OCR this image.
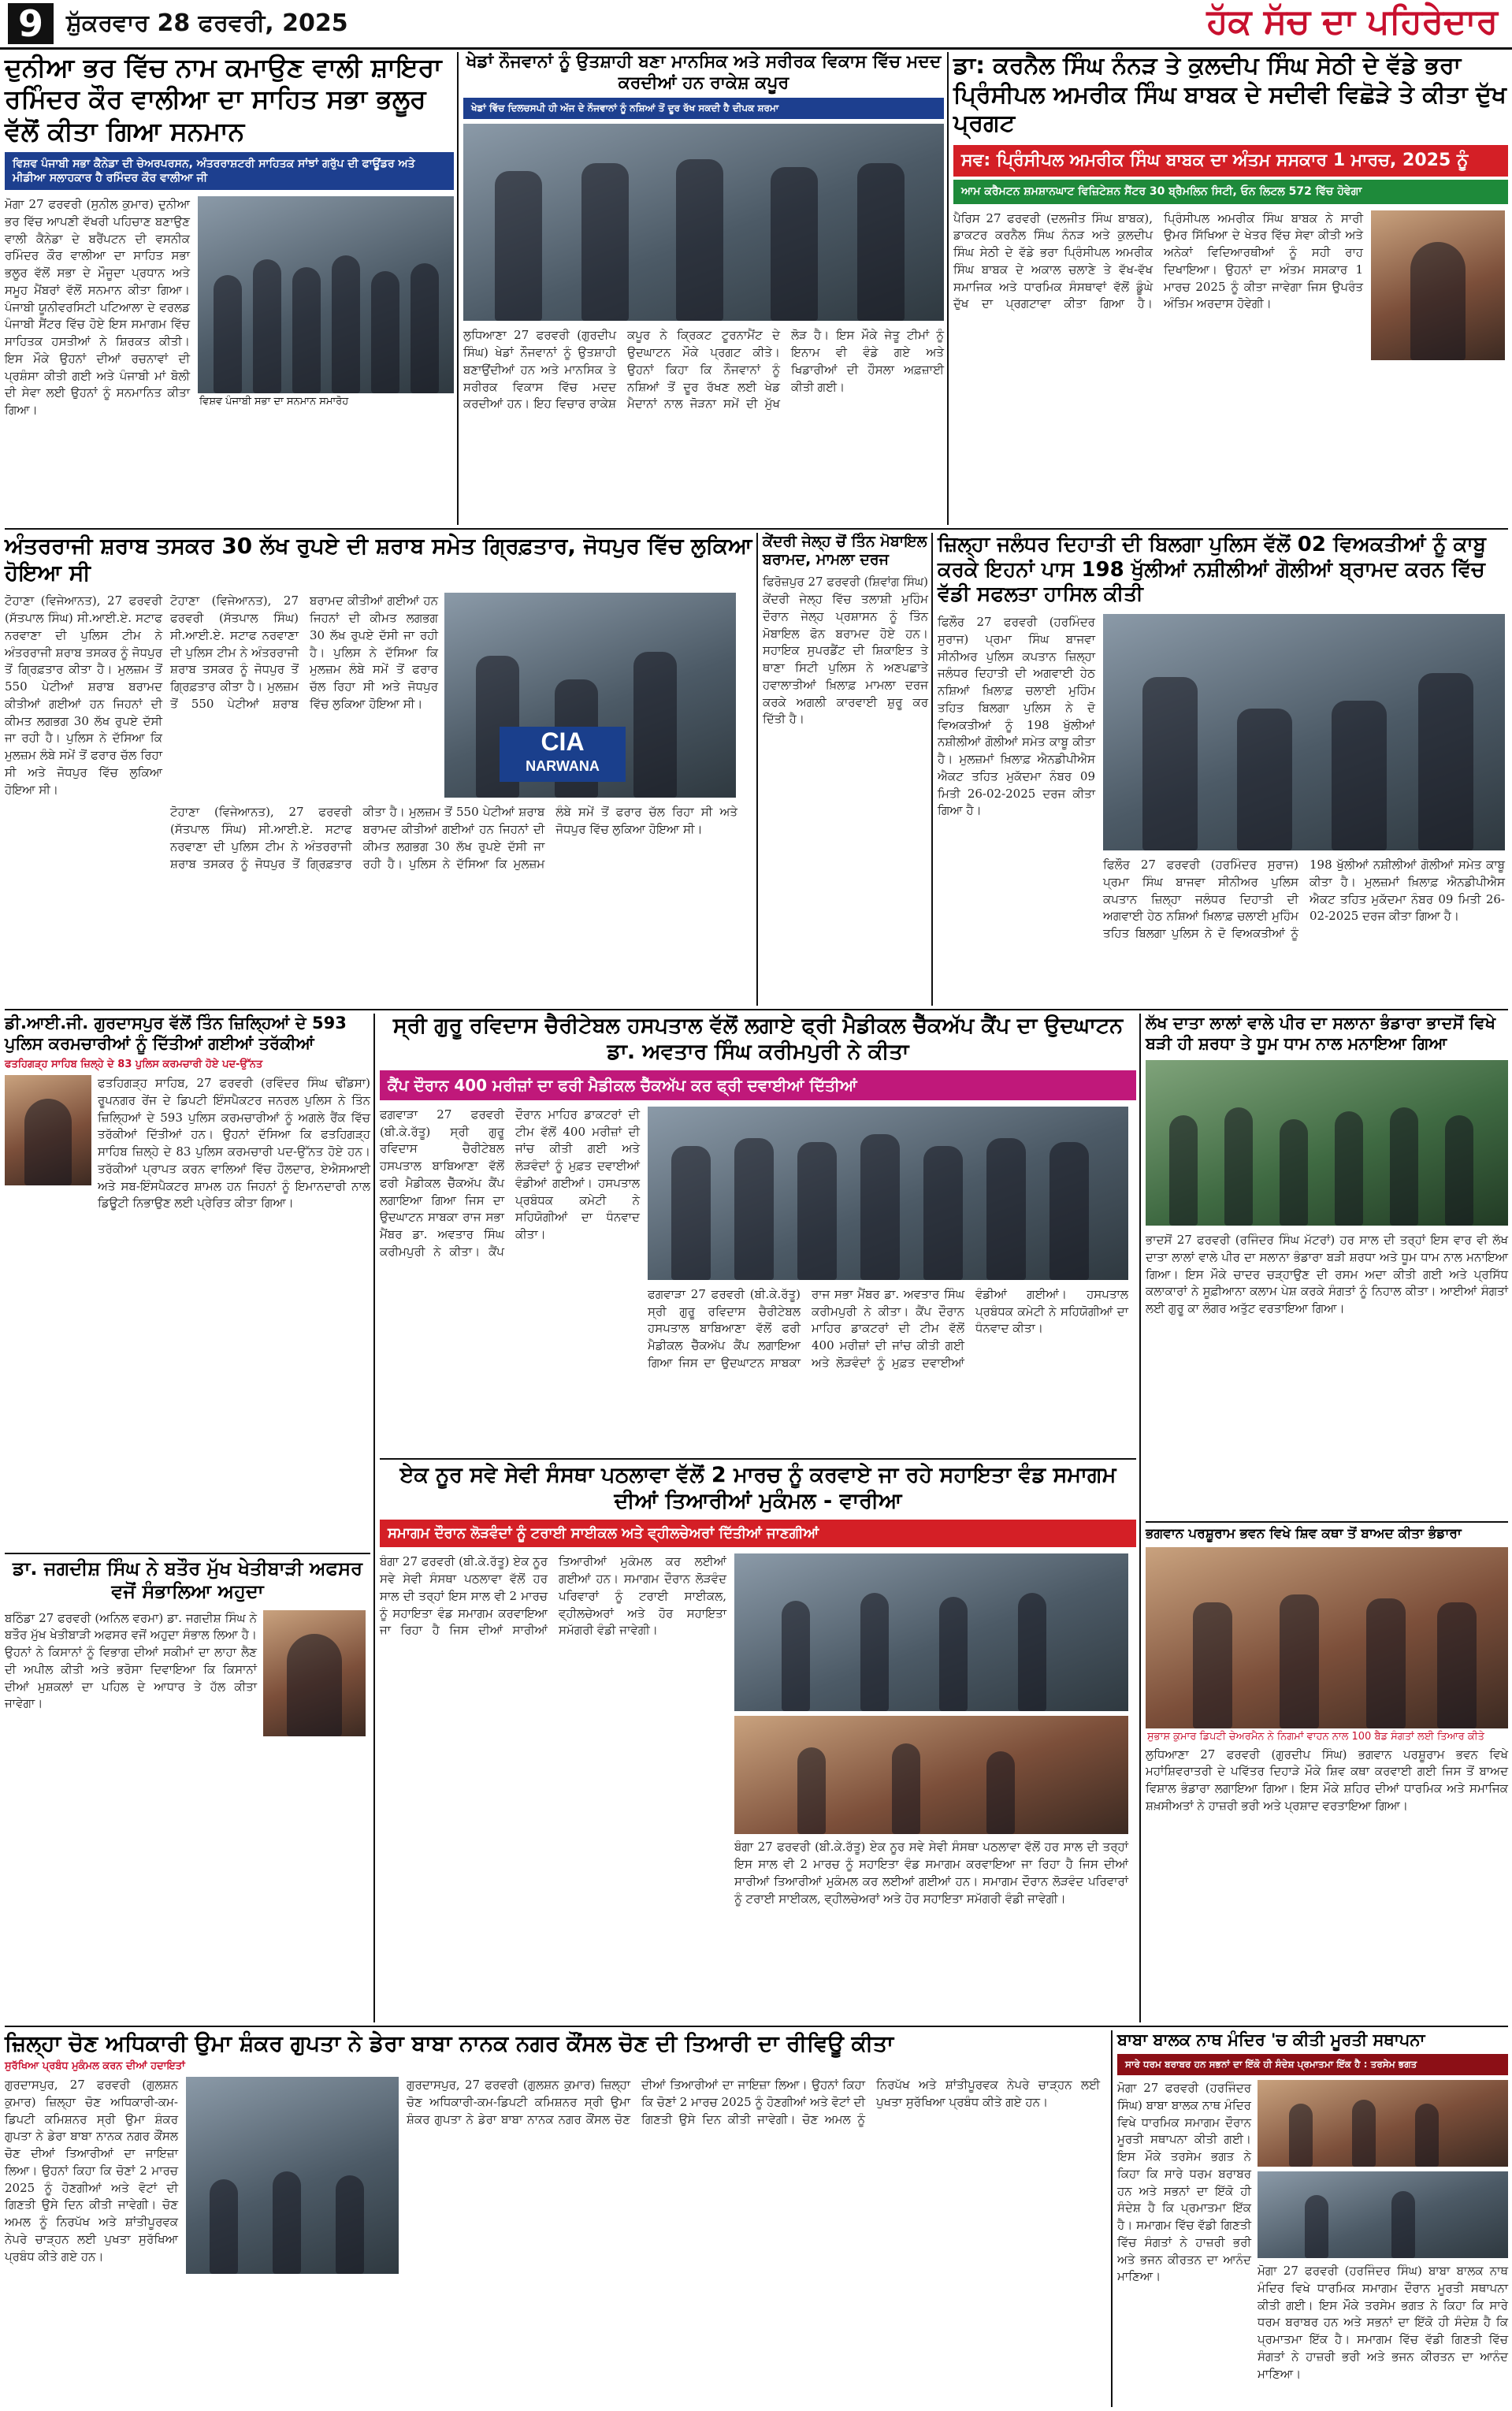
9 ਸ਼ੁੱਕਰਵਾਰ 28 ਫਰਵਰੀ, 2025	ਹੱਕ ਸੱਚ ਦਾ ਪਹਿਰੇਦਾਰ
ਦੁਨੀਆ ਭਰ ਵਿੱਚ ਨਾਮ ਕਮਾਉਣ ਵਾਲੀ ਸ਼ਾਇਰਾ ਰਮਿੰਦਰ ਕੌਰ ਵਾਲੀਆ ਦਾ ਸਾਹਿਤ ਸਭਾ ਭਲੂਰ ਵੱਲੋਂ ਕੀਤਾ ਗਿਆ ਸਨਮਾਨ
ਵਿਸ਼ਵ ਪੰਜਾਬੀ ਸਭਾ ਕੈਨੇਡਾ ਦੀ ਚੇਅਰਪਰਸਨ, ਅੰਤਰਰਾਸ਼ਟਰੀ ਸਾਹਿਤਕ ਸਾਂਝਾਂ ਗਰੁੱਪ ਦੀ ਫਾਊਂਡਰ ਅਤੇ ਮੀਡੀਆ ਸਲਾਹਕਾਰ ਹੈ ਰਮਿੰਦਰ ਕੌਰ ਵਾਲੀਆ ਜੀ
ਮੋਗਾ 27 ਫਰਵਰੀ (ਸੁਨੀਲ ਕੁਮਾਰ) ਦੁਨੀਆ ਭਰ ਵਿੱਚ ਆਪਣੀ ਵੱਖਰੀ ਪਹਿਚਾਣ ਬਣਾਉਣ ਵਾਲੀ ਕੈਨੇਡਾ ਦੇ ਬਰੈਂਪਟਨ ਦੀ ਵਸਨੀਕ ਰਮਿੰਦਰ ਕੌਰ ਵਾਲੀਆ ਦਾ ਸਾਹਿਤ ਸਭਾ ਭਲੂਰ ਵੱਲੋਂ ਸਭਾ ਦੇ ਮੌਜੂਦਾ ਪ੍ਰਧਾਨ ਅਤੇ ਸਮੂਹ ਮੈਂਬਰਾਂ ਵੱਲੋਂ ਸਨਮਾਨ ਕੀਤਾ ਗਿਆ। ਪੰਜਾਬੀ ਯੂਨੀਵਰਸਿਟੀ ਪਟਿਆਲਾ ਦੇ ਵਰਲਡ ਪੰਜਾਬੀ ਸੈਂਟਰ ਵਿੱਚ ਹੋਏ ਇਸ ਸਮਾਗਮ ਵਿੱਚ ਸਾਹਿਤਕ ਹਸਤੀਆਂ ਨੇ ਸ਼ਿਰਕਤ ਕੀਤੀ। ਇਸ ਮੌਕੇ ਉਹਨਾਂ ਦੀਆਂ ਰਚਨਾਵਾਂ ਦੀ ਪ੍ਰਸ਼ੰਸਾ ਕੀਤੀ ਗਈ ਅਤੇ ਪੰਜਾਬੀ ਮਾਂ ਬੋਲੀ ਦੀ ਸੇਵਾ ਲਈ ਉਹਨਾਂ ਨੂੰ ਸਨਮਾਨਿਤ ਕੀਤਾ ਗਿਆ।
ਵਿਸ਼ਵ ਪੰਜਾਬੀ ਸਭਾ ਦਾ ਸਨਮਾਨ ਸਮਾਰੋਹ
ਖੇਡਾਂ ਨੌਜਵਾਨਾਂ ਨੂੰ ਉਤਸ਼ਾਹੀ ਬਣਾ ਮਾਨਸਿਕ ਅਤੇ ਸਰੀਰਕ ਵਿਕਾਸ ਵਿੱਚ ਮਦਦ ਕਰਦੀਆਂ ਹਨ ਰਾਕੇਸ਼ ਕਪੂਰ
ਖੇਡਾਂ ਵਿੱਚ ਦਿਲਚਸਪੀ ਹੀ ਅੱਜ ਦੇ ਨੌਜਵਾਨਾਂ ਨੂੰ ਨਸ਼ਿਆਂ ਤੋਂ ਦੂਰ ਰੱਖ ਸਕਦੀ ਹੈ ਦੀਪਕ ਸ਼ਰਮਾ
ਲੁਧਿਆਣਾ 27 ਫਰਵਰੀ (ਗੁਰਦੀਪ ਸਿੰਘ) ਖੇਡਾਂ ਨੌਜਵਾਨਾਂ ਨੂੰ ਉਤਸ਼ਾਹੀ ਬਣਾਉਂਦੀਆਂ ਹਨ ਅਤੇ ਮਾਨਸਿਕ ਤੇ ਸਰੀਰਕ ਵਿਕਾਸ ਵਿੱਚ ਮਦਦ ਕਰਦੀਆਂ ਹਨ। ਇਹ ਵਿਚਾਰ ਰਾਕੇਸ਼ ਕਪੂਰ ਨੇ ਕ੍ਰਿਕਟ ਟੂਰਨਾਮੈਂਟ ਦੇ ਉਦਘਾਟਨ ਮੌਕੇ ਪ੍ਰਗਟ ਕੀਤੇ। ਉਹਨਾਂ ਕਿਹਾ ਕਿ ਨੌਜਵਾਨਾਂ ਨੂੰ ਨਸ਼ਿਆਂ ਤੋਂ ਦੂਰ ਰੱਖਣ ਲਈ ਖੇਡ ਮੈਦਾਨਾਂ ਨਾਲ ਜੋੜਨਾ ਸਮੇਂ ਦੀ ਮੁੱਖ ਲੋੜ ਹੈ। ਇਸ ਮੌਕੇ ਜੇਤੂ ਟੀਮਾਂ ਨੂੰ ਇਨਾਮ ਵੀ ਵੰਡੇ ਗਏ ਅਤੇ ਖਿਡਾਰੀਆਂ ਦੀ ਹੌਸਲਾ ਅਫ਼ਜ਼ਾਈ ਕੀਤੀ ਗਈ।
ਡਾ: ਕਰਨੈਲ ਸਿੰਘ ਨੰਨੜ ਤੇ ਕੁਲਦੀਪ ਸਿੰਘ ਸੇਠੀ ਦੇ ਵੱਡੇ ਭਰਾ ਪ੍ਰਿੰਸੀਪਲ ਅਮਰੀਕ ਸਿੰਘ ਬਾਬਕ ਦੇ ਸਦੀਵੀ ਵਿਛੋੜੇ ਤੇ ਕੀਤਾ ਦੁੱਖ ਪ੍ਰਗਟ
ਸਵ: ਪ੍ਰਿੰਸੀਪਲ ਅਮਰੀਕ ਸਿੰਘ ਬਾਬਕ ਦਾ ਅੰਤਮ ਸਸਕਾਰ 1 ਮਾਰਚ, 2025 ਨੂੰ
ਆਮ ਕਰੈਮਟਨ ਸ਼ਮਸ਼ਾਨਘਾਟ ਵਿਜ਼ਿਟੇਸ਼ਨ ਸੈਂਟਰ 30 ਬ੍ਰੈਮਲਿਨ ਸਿਟੀ, ਓਨ ਲਿਟਲ 572 ਵਿੱਚ ਹੋਵੇਗਾ
ਪੈਰਿਸ 27 ਫਰਵਰੀ (ਦਲਜੀਤ ਸਿੰਘ ਬਾਬਕ), ਡਾਕਟਰ ਕਰਨੈਲ ਸਿੰਘ ਨੰਨੜ ਅਤੇ ਕੁਲਦੀਪ ਸਿੰਘ ਸੇਠੀ ਦੇ ਵੱਡੇ ਭਰਾ ਪ੍ਰਿੰਸੀਪਲ ਅਮਰੀਕ ਸਿੰਘ ਬਾਬਕ ਦੇ ਅਕਾਲ ਚਲਾਣੇ ਤੇ ਵੱਖ-ਵੱਖ ਸਮਾਜਿਕ ਅਤੇ ਧਾਰਮਿਕ ਸੰਸਥਾਵਾਂ ਵੱਲੋਂ ਡੂੰਘੇ ਦੁੱਖ ਦਾ ਪ੍ਰਗਟਾਵਾ ਕੀਤਾ ਗਿਆ ਹੈ। ਪ੍ਰਿੰਸੀਪਲ ਅਮਰੀਕ ਸਿੰਘ ਬਾਬਕ ਨੇ ਸਾਰੀ ਉਮਰ ਸਿੱਖਿਆ ਦੇ ਖੇਤਰ ਵਿੱਚ ਸੇਵਾ ਕੀਤੀ ਅਤੇ ਅਨੇਕਾਂ ਵਿਦਿਆਰਥੀਆਂ ਨੂੰ ਸਹੀ ਰਾਹ ਦਿਖਾਇਆ। ਉਹਨਾਂ ਦਾ ਅੰਤਮ ਸਸਕਾਰ 1 ਮਾਰਚ 2025 ਨੂੰ ਕੀਤਾ ਜਾਵੇਗਾ ਜਿਸ ਉਪਰੰਤ ਅੰਤਿਮ ਅਰਦਾਸ ਹੋਵੇਗੀ।
ਅੰਤਰਰਾਜੀ ਸ਼ਰਾਬ ਤਸਕਰ 30 ਲੱਖ ਰੁਪਏ ਦੀ ਸ਼ਰਾਬ ਸਮੇਤ ਗ੍ਰਿਫ਼ਤਾਰ, ਜੋਧਪੁਰ ਵਿੱਚ ਲੁਕਿਆ ਹੋਇਆ ਸੀ
ਟੋਹਾਣਾ (ਵਿਜੇਆਨਤ), 27 ਫਰਵਰੀ (ਸੱਤਪਾਲ ਸਿੰਘ) ਸੀ.ਆਈ.ਏ. ਸਟਾਫ ਨਰਵਾਣਾ ਦੀ ਪੁਲਿਸ ਟੀਮ ਨੇ ਅੰਤਰਰਾਜੀ ਸ਼ਰਾਬ ਤਸਕਰ ਨੂੰ ਜੋਧਪੁਰ ਤੋਂ ਗ੍ਰਿਫ਼ਤਾਰ ਕੀਤਾ ਹੈ। ਮੁਲਜ਼ਮ ਤੋਂ 550 ਪੇਟੀਆਂ ਸ਼ਰਾਬ ਬਰਾਮਦ ਕੀਤੀਆਂ ਗਈਆਂ ਹਨ ਜਿਹਨਾਂ ਦੀ ਕੀਮਤ ਲਗਭਗ 30 ਲੱਖ ਰੁਪਏ ਦੱਸੀ ਜਾ ਰਹੀ ਹੈ। ਪੁਲਿਸ ਨੇ ਦੱਸਿਆ ਕਿ ਮੁਲਜ਼ਮ ਲੰਬੇ ਸਮੇਂ ਤੋਂ ਫਰਾਰ ਚੱਲ ਰਿਹਾ ਸੀ ਅਤੇ ਜੋਧਪੁਰ ਵਿੱਚ ਲੁਕਿਆ ਹੋਇਆ ਸੀ।
ਟੋਹਾਣਾ (ਵਿਜੇਆਨਤ), 27 ਫਰਵਰੀ (ਸੱਤਪਾਲ ਸਿੰਘ) ਸੀ.ਆਈ.ਏ. ਸਟਾਫ ਨਰਵਾਣਾ ਦੀ ਪੁਲਿਸ ਟੀਮ ਨੇ ਅੰਤਰਰਾਜੀ ਸ਼ਰਾਬ ਤਸਕਰ ਨੂੰ ਜੋਧਪੁਰ ਤੋਂ ਗ੍ਰਿਫ਼ਤਾਰ ਕੀਤਾ ਹੈ। ਮੁਲਜ਼ਮ ਤੋਂ 550 ਪੇਟੀਆਂ ਸ਼ਰਾਬ ਬਰਾਮਦ ਕੀਤੀਆਂ ਗਈਆਂ ਹਨ ਜਿਹਨਾਂ ਦੀ ਕੀਮਤ ਲਗਭਗ 30 ਲੱਖ ਰੁਪਏ ਦੱਸੀ ਜਾ ਰਹੀ ਹੈ। ਪੁਲਿਸ ਨੇ ਦੱਸਿਆ ਕਿ ਮੁਲਜ਼ਮ ਲੰਬੇ ਸਮੇਂ ਤੋਂ ਫਰਾਰ ਚੱਲ ਰਿਹਾ ਸੀ ਅਤੇ ਜੋਧਪੁਰ ਵਿੱਚ ਲੁਕਿਆ ਹੋਇਆ ਸੀ।
CIA
NARWANA
ਟੋਹਾਣਾ (ਵਿਜੇਆਨਤ), 27 ਫਰਵਰੀ (ਸੱਤਪਾਲ ਸਿੰਘ) ਸੀ.ਆਈ.ਏ. ਸਟਾਫ ਨਰਵਾਣਾ ਦੀ ਪੁਲਿਸ ਟੀਮ ਨੇ ਅੰਤਰਰਾਜੀ ਸ਼ਰਾਬ ਤਸਕਰ ਨੂੰ ਜੋਧਪੁਰ ਤੋਂ ਗ੍ਰਿਫ਼ਤਾਰ ਕੀਤਾ ਹੈ। ਮੁਲਜ਼ਮ ਤੋਂ 550 ਪੇਟੀਆਂ ਸ਼ਰਾਬ ਬਰਾਮਦ ਕੀਤੀਆਂ ਗਈਆਂ ਹਨ ਜਿਹਨਾਂ ਦੀ ਕੀਮਤ ਲਗਭਗ 30 ਲੱਖ ਰੁਪਏ ਦੱਸੀ ਜਾ ਰਹੀ ਹੈ। ਪੁਲਿਸ ਨੇ ਦੱਸਿਆ ਕਿ ਮੁਲਜ਼ਮ ਲੰਬੇ ਸਮੇਂ ਤੋਂ ਫਰਾਰ ਚੱਲ ਰਿਹਾ ਸੀ ਅਤੇ ਜੋਧਪੁਰ ਵਿੱਚ ਲੁਕਿਆ ਹੋਇਆ ਸੀ।
ਕੇਂਦਰੀ ਜੇਲ੍ਹ ਚੋਂ ਤਿੰਨ ਮੋਬਾਇਲ ਬਰਾਮਦ, ਮਾਮਲਾ ਦਰਜ
ਫਿਰੋਜ਼ਪੁਰ 27 ਫਰਵਰੀ (ਸ਼ਿਵਾਂਗ ਸਿੰਘ) ਕੇਂਦਰੀ ਜੇਲ੍ਹ ਵਿੱਚ ਤਲਾਸ਼ੀ ਮੁਹਿੰਮ ਦੌਰਾਨ ਜੇਲ੍ਹ ਪ੍ਰਸ਼ਾਸਨ ਨੂੰ ਤਿੰਨ ਮੋਬਾਇਲ ਫੋਨ ਬਰਾਮਦ ਹੋਏ ਹਨ। ਸਹਾਇਕ ਸੁਪਰਡੈਂਟ ਦੀ ਸ਼ਿਕਾਇਤ ਤੇ ਥਾਣਾ ਸਿਟੀ ਪੁਲਿਸ ਨੇ ਅਣਪਛਾਤੇ ਹਵਾਲਾਤੀਆਂ ਖ਼ਿਲਾਫ਼ ਮਾਮਲਾ ਦਰਜ ਕਰਕੇ ਅਗਲੀ ਕਾਰਵਾਈ ਸ਼ੁਰੂ ਕਰ ਦਿੱਤੀ ਹੈ।
ਜ਼ਿਲ੍ਹਾ ਜਲੰਧਰ ਦਿਹਾਤੀ ਦੀ ਬਿਲਗਾ ਪੁਲਿਸ ਵੱਲੋਂ 02 ਵਿਅਕਤੀਆਂ ਨੂੰ ਕਾਬੂ ਕਰਕੇ ਇਹਨਾਂ ਪਾਸ 198 ਖੁੱਲੀਆਂ ਨਸ਼ੀਲੀਆਂ ਗੋਲੀਆਂ ਬ੍ਰਾਮਦ ਕਰਨ ਵਿੱਚ ਵੱਡੀ ਸਫਲਤਾ ਹਾਸਿਲ ਕੀਤੀ
ਫਿਲੌਰ 27 ਫਰਵਰੀ (ਹਰਮਿੰਦਰ ਸੁਰਾਜ) ਪ੍ਰਮਾ ਸਿੰਘ ਬਾਜਵਾ ਸੀਨੀਅਰ ਪੁਲਿਸ ਕਪਤਾਨ ਜ਼ਿਲ੍ਹਾ ਜਲੰਧਰ ਦਿਹਾਤੀ ਦੀ ਅਗਵਾਈ ਹੇਠ ਨਸ਼ਿਆਂ ਖ਼ਿਲਾਫ਼ ਚਲਾਈ ਮੁਹਿੰਮ ਤਹਿਤ ਬਿਲਗਾ ਪੁਲਿਸ ਨੇ ਦੋ ਵਿਅਕਤੀਆਂ ਨੂੰ 198 ਖੁੱਲੀਆਂ ਨਸ਼ੀਲੀਆਂ ਗੋਲੀਆਂ ਸਮੇਤ ਕਾਬੂ ਕੀਤਾ ਹੈ। ਮੁਲਜ਼ਮਾਂ ਖ਼ਿਲਾਫ਼ ਐਨਡੀਪੀਐਸ ਐਕਟ ਤਹਿਤ ਮੁਕੱਦਮਾ ਨੰਬਰ 09 ਮਿਤੀ 26-02-2025 ਦਰਜ ਕੀਤਾ ਗਿਆ ਹੈ।
ਫਿਲੌਰ 27 ਫਰਵਰੀ (ਹਰਮਿੰਦਰ ਸੁਰਾਜ) ਪ੍ਰਮਾ ਸਿੰਘ ਬਾਜਵਾ ਸੀਨੀਅਰ ਪੁਲਿਸ ਕਪਤਾਨ ਜ਼ਿਲ੍ਹਾ ਜਲੰਧਰ ਦਿਹਾਤੀ ਦੀ ਅਗਵਾਈ ਹੇਠ ਨਸ਼ਿਆਂ ਖ਼ਿਲਾਫ਼ ਚਲਾਈ ਮੁਹਿੰਮ ਤਹਿਤ ਬਿਲਗਾ ਪੁਲਿਸ ਨੇ ਦੋ ਵਿਅਕਤੀਆਂ ਨੂੰ 198 ਖੁੱਲੀਆਂ ਨਸ਼ੀਲੀਆਂ ਗੋਲੀਆਂ ਸਮੇਤ ਕਾਬੂ ਕੀਤਾ ਹੈ। ਮੁਲਜ਼ਮਾਂ ਖ਼ਿਲਾਫ਼ ਐਨਡੀਪੀਐਸ ਐਕਟ ਤਹਿਤ ਮੁਕੱਦਮਾ ਨੰਬਰ 09 ਮਿਤੀ 26-02-2025 ਦਰਜ ਕੀਤਾ ਗਿਆ ਹੈ।
ਡੀ.ਆਈ.ਜੀ. ਗੁਰਦਾਸਪੁਰ ਵੱਲੋਂ ਤਿੰਨ ਜ਼ਿਲ੍ਹਿਆਂ ਦੇ 593 ਪੁਲਿਸ ਕਰਮਚਾਰੀਆਂ ਨੂੰ ਦਿੱਤੀਆਂ ਗਈਆਂ ਤਰੱਕੀਆਂ
ਫਤਹਿਗੜ੍ਹ ਸਾਹਿਬ ਜ਼ਿਲ੍ਹੇ ਦੇ 83 ਪੁਲਿਸ ਕਰਮਚਾਰੀ ਹੋਏ ਪਦ-ਉੱਨਤ
ਫਤਹਿਗੜ੍ਹ ਸਾਹਿਬ, 27 ਫਰਵਰੀ (ਰਵਿੰਦਰ ਸਿੰਘ ਢੀਂਡਸਾ) ਰੂਪਨਗਰ ਰੇਂਜ ਦੇ ਡਿਪਟੀ ਇੰਸਪੈਕਟਰ ਜਨਰਲ ਪੁਲਿਸ ਨੇ ਤਿੰਨ ਜ਼ਿਲ੍ਹਿਆਂ ਦੇ 593 ਪੁਲਿਸ ਕਰਮਚਾਰੀਆਂ ਨੂੰ ਅਗਲੇ ਰੈਂਕ ਵਿੱਚ ਤਰੱਕੀਆਂ ਦਿੱਤੀਆਂ ਹਨ। ਉਹਨਾਂ ਦੱਸਿਆ ਕਿ ਫਤਹਿਗੜ੍ਹ ਸਾਹਿਬ ਜ਼ਿਲ੍ਹੇ ਦੇ 83 ਪੁਲਿਸ ਕਰਮਚਾਰੀ ਪਦ-ਉੱਨਤ ਹੋਏ ਹਨ। ਤਰੱਕੀਆਂ ਪ੍ਰਾਪਤ ਕਰਨ ਵਾਲਿਆਂ ਵਿੱਚ ਹੌਲਦਾਰ, ਏਐਸਆਈ ਅਤੇ ਸਬ-ਇੰਸਪੈਕਟਰ ਸ਼ਾਮਲ ਹਨ ਜਿਹਨਾਂ ਨੂੰ ਇਮਾਨਦਾਰੀ ਨਾਲ ਡਿਊਟੀ ਨਿਭਾਉਣ ਲਈ ਪ੍ਰੇਰਿਤ ਕੀਤਾ ਗਿਆ।
ਸ੍ਰੀ ਗੁਰੂ ਰਵਿਦਾਸ ਚੈਰੀਟੇਬਲ ਹਸਪਤਾਲ ਵੱਲੋਂ ਲਗਾਏ ਫ੍ਰੀ ਮੈਡੀਕਲ ਚੈੱਕਅੱਪ ਕੈਂਪ ਦਾ ਉਦਘਾਟਨ ਡਾ. ਅਵਤਾਰ ਸਿੰਘ ਕਰੀਮਪੁਰੀ ਨੇ ਕੀਤਾ
ਕੈਂਪ ਦੌਰਾਨ 400 ਮਰੀਜ਼ਾਂ ਦਾ ਫਰੀ ਮੈਡੀਕਲ ਚੈੱਕਅੱਪ ਕਰ ਫ੍ਰੀ ਦਵਾਈਆਂ ਦਿੱਤੀਆਂ
ਫਗਵਾੜਾ 27 ਫਰਵਰੀ (ਬੀ.ਕੇ.ਰੱਤੂ) ਸ੍ਰੀ ਗੁਰੂ ਰਵਿਦਾਸ ਚੈਰੀਟੇਬਲ ਹਸਪਤਾਲ ਬਾਬਿਆਣਾ ਵੱਲੋਂ ਫਰੀ ਮੈਡੀਕਲ ਚੈੱਕਅੱਪ ਕੈਂਪ ਲਗਾਇਆ ਗਿਆ ਜਿਸ ਦਾ ਉਦਘਾਟਨ ਸਾਬਕਾ ਰਾਜ ਸਭਾ ਮੈਂਬਰ ਡਾ. ਅਵਤਾਰ ਸਿੰਘ ਕਰੀਮਪੁਰੀ ਨੇ ਕੀਤਾ। ਕੈਂਪ ਦੌਰਾਨ ਮਾਹਿਰ ਡਾਕਟਰਾਂ ਦੀ ਟੀਮ ਵੱਲੋਂ 400 ਮਰੀਜ਼ਾਂ ਦੀ ਜਾਂਚ ਕੀਤੀ ਗਈ ਅਤੇ ਲੋੜਵੰਦਾਂ ਨੂੰ ਮੁਫ਼ਤ ਦਵਾਈਆਂ ਵੰਡੀਆਂ ਗਈਆਂ। ਹਸਪਤਾਲ ਪ੍ਰਬੰਧਕ ਕਮੇਟੀ ਨੇ ਸਹਿਯੋਗੀਆਂ ਦਾ ਧੰਨਵਾਦ ਕੀਤਾ।
ਫਗਵਾੜਾ 27 ਫਰਵਰੀ (ਬੀ.ਕੇ.ਰੱਤੂ) ਸ੍ਰੀ ਗੁਰੂ ਰਵਿਦਾਸ ਚੈਰੀਟੇਬਲ ਹਸਪਤਾਲ ਬਾਬਿਆਣਾ ਵੱਲੋਂ ਫਰੀ ਮੈਡੀਕਲ ਚੈੱਕਅੱਪ ਕੈਂਪ ਲਗਾਇਆ ਗਿਆ ਜਿਸ ਦਾ ਉਦਘਾਟਨ ਸਾਬਕਾ ਰਾਜ ਸਭਾ ਮੈਂਬਰ ਡਾ. ਅਵਤਾਰ ਸਿੰਘ ਕਰੀਮਪੁਰੀ ਨੇ ਕੀਤਾ। ਕੈਂਪ ਦੌਰਾਨ ਮਾਹਿਰ ਡਾਕਟਰਾਂ ਦੀ ਟੀਮ ਵੱਲੋਂ 400 ਮਰੀਜ਼ਾਂ ਦੀ ਜਾਂਚ ਕੀਤੀ ਗਈ ਅਤੇ ਲੋੜਵੰਦਾਂ ਨੂੰ ਮੁਫ਼ਤ ਦਵਾਈਆਂ ਵੰਡੀਆਂ ਗਈਆਂ। ਹਸਪਤਾਲ ਪ੍ਰਬੰਧਕ ਕਮੇਟੀ ਨੇ ਸਹਿਯੋਗੀਆਂ ਦਾ ਧੰਨਵਾਦ ਕੀਤਾ।
ਲੱਖ ਦਾਤਾ ਲਾਲਾਂ ਵਾਲੇ ਪੀਰ ਦਾ ਸਲਾਨਾ ਭੰਡਾਰਾ ਭਾਦਸੋਂ ਵਿਖੇ ਬੜੀ ਹੀ ਸ਼ਰਧਾ ਤੇ ਧੂਮ ਧਾਮ ਨਾਲ ਮਨਾਇਆ ਗਿਆ
ਭਾਦਸੋਂ 27 ਫਰਵਰੀ (ਰਜਿੰਦਰ ਸਿੰਘ ਮੱਟਰਾਂ) ਹਰ ਸਾਲ ਦੀ ਤਰ੍ਹਾਂ ਇਸ ਵਾਰ ਵੀ ਲੱਖ ਦਾਤਾ ਲਾਲਾਂ ਵਾਲੇ ਪੀਰ ਦਾ ਸਲਾਨਾ ਭੰਡਾਰਾ ਬੜੀ ਸ਼ਰਧਾ ਅਤੇ ਧੂਮ ਧਾਮ ਨਾਲ ਮਨਾਇਆ ਗਿਆ। ਇਸ ਮੌਕੇ ਚਾਦਰ ਚੜ੍ਹਾਉਣ ਦੀ ਰਸਮ ਅਦਾ ਕੀਤੀ ਗਈ ਅਤੇ ਪ੍ਰਸਿੱਧ ਕਲਾਕਾਰਾਂ ਨੇ ਸੂਫ਼ੀਆਨਾ ਕਲਾਮ ਪੇਸ਼ ਕਰਕੇ ਸੰਗਤਾਂ ਨੂੰ ਨਿਹਾਲ ਕੀਤਾ। ਆਈਆਂ ਸੰਗਤਾਂ ਲਈ ਗੁਰੂ ਕਾ ਲੰਗਰ ਅਤੁੱਟ ਵਰਤਾਇਆ ਗਿਆ।
ਭਗਵਾਨ ਪਰਸ਼ੂਰਾਮ ਭਵਨ ਵਿਖੇ ਸ਼ਿਵ ਕਥਾ ਤੋਂ ਬਾਅਦ ਕੀਤਾ ਭੰਡਾਰਾ
ਸੁਭਾਸ਼ ਕੁਮਾਰ ਡਿਪਟੀ ਚੇਅਰਮੈਨ ਨੇ ਨਿਗਮਾਂ ਵਾਹਨ ਨਾਲ 100 ਬੈਡ ਸੰਗਤਾਂ ਲਈ ਤਿਆਰ ਕੀਤੇ
ਲੁਧਿਆਣਾ 27 ਫਰਵਰੀ (ਗੁਰਦੀਪ ਸਿੰਘ) ਭਗਵਾਨ ਪਰਸ਼ੂਰਾਮ ਭਵਨ ਵਿਖੇ ਮਹਾਂਸ਼ਿਵਰਾਤਰੀ ਦੇ ਪਵਿੱਤਰ ਦਿਹਾੜੇ ਮੌਕੇ ਸ਼ਿਵ ਕਥਾ ਕਰਵਾਈ ਗਈ ਜਿਸ ਤੋਂ ਬਾਅਦ ਵਿਸ਼ਾਲ ਭੰਡਾਰਾ ਲਗਾਇਆ ਗਿਆ। ਇਸ ਮੌਕੇ ਸ਼ਹਿਰ ਦੀਆਂ ਧਾਰਮਿਕ ਅਤੇ ਸਮਾਜਿਕ ਸ਼ਖ਼ਸੀਅਤਾਂ ਨੇ ਹਾਜ਼ਰੀ ਭਰੀ ਅਤੇ ਪ੍ਰਸ਼ਾਦ ਵਰਤਾਇਆ ਗਿਆ।
ਡਾ. ਜਗਦੀਸ਼ ਸਿੰਘ ਨੇ ਬਤੌਰ ਮੁੱਖ ਖੇਤੀਬਾੜੀ ਅਫਸਰ ਵਜੋਂ ਸੰਭਾਲਿਆ ਅਹੁਦਾ
ਬਠਿੰਡਾ 27 ਫਰਵਰੀ (ਅਨਿਲ ਵਰਮਾ) ਡਾ. ਜਗਦੀਸ਼ ਸਿੰਘ ਨੇ ਬਤੌਰ ਮੁੱਖ ਖੇਤੀਬਾੜੀ ਅਫਸਰ ਵਜੋਂ ਅਹੁਦਾ ਸੰਭਾਲ ਲਿਆ ਹੈ। ਉਹਨਾਂ ਨੇ ਕਿਸਾਨਾਂ ਨੂੰ ਵਿਭਾਗ ਦੀਆਂ ਸਕੀਮਾਂ ਦਾ ਲਾਹਾ ਲੈਣ ਦੀ ਅਪੀਲ ਕੀਤੀ ਅਤੇ ਭਰੋਸਾ ਦਿਵਾਇਆ ਕਿ ਕਿਸਾਨਾਂ ਦੀਆਂ ਮੁਸ਼ਕਲਾਂ ਦਾ ਪਹਿਲ ਦੇ ਆਧਾਰ ਤੇ ਹੱਲ ਕੀਤਾ ਜਾਵੇਗਾ।
ਏਕ ਨੂਰ ਸਵੇ ਸੇਵੀ ਸੰਸਥਾ ਪਠਲਾਵਾ ਵੱਲੋਂ 2 ਮਾਰਚ ਨੂੰ ਕਰਵਾਏ ਜਾ ਰਹੇ ਸਹਾਇਤਾ ਵੰਡ ਸਮਾਗਮ ਦੀਆਂ ਤਿਆਰੀਆਂ ਮੁਕੰਮਲ - ਵਾਰੀਆ
ਸਮਾਗਮ ਦੌਰਾਨ ਲੋੜਵੰਦਾਂ ਨੂੰ ਟਰਾਈ ਸਾਈਕਲ ਅਤੇ ਵ੍ਹੀਲਚੇਅਰਾਂ ਦਿੱਤੀਆਂ ਜਾਣਗੀਆਂ
ਬੰਗਾ 27 ਫਰਵਰੀ (ਬੀ.ਕੇ.ਰੱਤੂ) ਏਕ ਨੂਰ ਸਵੇ ਸੇਵੀ ਸੰਸਥਾ ਪਠਲਾਵਾ ਵੱਲੋਂ ਹਰ ਸਾਲ ਦੀ ਤਰ੍ਹਾਂ ਇਸ ਸਾਲ ਵੀ 2 ਮਾਰਚ ਨੂੰ ਸਹਾਇਤਾ ਵੰਡ ਸਮਾਗਮ ਕਰਵਾਇਆ ਜਾ ਰਿਹਾ ਹੈ ਜਿਸ ਦੀਆਂ ਸਾਰੀਆਂ ਤਿਆਰੀਆਂ ਮੁਕੰਮਲ ਕਰ ਲਈਆਂ ਗਈਆਂ ਹਨ। ਸਮਾਗਮ ਦੌਰਾਨ ਲੋੜਵੰਦ ਪਰਿਵਾਰਾਂ ਨੂੰ ਟਰਾਈ ਸਾਈਕਲ, ਵ੍ਹੀਲਚੇਅਰਾਂ ਅਤੇ ਹੋਰ ਸਹਾਇਤਾ ਸਮੱਗਰੀ ਵੰਡੀ ਜਾਵੇਗੀ।
ਬੰਗਾ 27 ਫਰਵਰੀ (ਬੀ.ਕੇ.ਰੱਤੂ) ਏਕ ਨੂਰ ਸਵੇ ਸੇਵੀ ਸੰਸਥਾ ਪਠਲਾਵਾ ਵੱਲੋਂ ਹਰ ਸਾਲ ਦੀ ਤਰ੍ਹਾਂ ਇਸ ਸਾਲ ਵੀ 2 ਮਾਰਚ ਨੂੰ ਸਹਾਇਤਾ ਵੰਡ ਸਮਾਗਮ ਕਰਵਾਇਆ ਜਾ ਰਿਹਾ ਹੈ ਜਿਸ ਦੀਆਂ ਸਾਰੀਆਂ ਤਿਆਰੀਆਂ ਮੁਕੰਮਲ ਕਰ ਲਈਆਂ ਗਈਆਂ ਹਨ। ਸਮਾਗਮ ਦੌਰਾਨ ਲੋੜਵੰਦ ਪਰਿਵਾਰਾਂ ਨੂੰ ਟਰਾਈ ਸਾਈਕਲ, ਵ੍ਹੀਲਚੇਅਰਾਂ ਅਤੇ ਹੋਰ ਸਹਾਇਤਾ ਸਮੱਗਰੀ ਵੰਡੀ ਜਾਵੇਗੀ।
ਜ਼ਿਲ੍ਹਾ ਚੋਣ ਅਧਿਕਾਰੀ ਉਮਾ ਸ਼ੰਕਰ ਗੁਪਤਾ ਨੇ ਡੇਰਾ ਬਾਬਾ ਨਾਨਕ ਨਗਰ ਕੌਂਸਲ ਚੋਣ ਦੀ ਤਿਆਰੀ ਦਾ ਰੀਵਿਊ ਕੀਤਾ
ਸੁਰੱਖਿਆ ਪ੍ਰਬੰਧ ਮੁਕੰਮਲ ਕਰਨ ਦੀਆਂ ਹਦਾਇਤਾਂ
ਗੁਰਦਾਸਪੁਰ, 27 ਫਰਵਰੀ (ਗੁਲਸ਼ਨ ਕੁਮਾਰ) ਜ਼ਿਲ੍ਹਾ ਚੋਣ ਅਧਿਕਾਰੀ-ਕਮ-ਡਿਪਟੀ ਕਮਿਸ਼ਨਰ ਸ੍ਰੀ ਉਮਾ ਸ਼ੰਕਰ ਗੁਪਤਾ ਨੇ ਡੇਰਾ ਬਾਬਾ ਨਾਨਕ ਨਗਰ ਕੌਂਸਲ ਚੋਣ ਦੀਆਂ ਤਿਆਰੀਆਂ ਦਾ ਜਾਇਜ਼ਾ ਲਿਆ। ਉਹਨਾਂ ਕਿਹਾ ਕਿ ਚੋਣਾਂ 2 ਮਾਰਚ 2025 ਨੂੰ ਹੋਣਗੀਆਂ ਅਤੇ ਵੋਟਾਂ ਦੀ ਗਿਣਤੀ ਉਸੇ ਦਿਨ ਕੀਤੀ ਜਾਵੇਗੀ। ਚੋਣ ਅਮਲ ਨੂੰ ਨਿਰਪੱਖ ਅਤੇ ਸ਼ਾਂਤੀਪੂਰਵਕ ਨੇਪਰੇ ਚਾੜ੍ਹਨ ਲਈ ਪੁਖਤਾ ਸੁਰੱਖਿਆ ਪ੍ਰਬੰਧ ਕੀਤੇ ਗਏ ਹਨ।
ਗੁਰਦਾਸਪੁਰ, 27 ਫਰਵਰੀ (ਗੁਲਸ਼ਨ ਕੁਮਾਰ) ਜ਼ਿਲ੍ਹਾ ਚੋਣ ਅਧਿਕਾਰੀ-ਕਮ-ਡਿਪਟੀ ਕਮਿਸ਼ਨਰ ਸ੍ਰੀ ਉਮਾ ਸ਼ੰਕਰ ਗੁਪਤਾ ਨੇ ਡੇਰਾ ਬਾਬਾ ਨਾਨਕ ਨਗਰ ਕੌਂਸਲ ਚੋਣ ਦੀਆਂ ਤਿਆਰੀਆਂ ਦਾ ਜਾਇਜ਼ਾ ਲਿਆ। ਉਹਨਾਂ ਕਿਹਾ ਕਿ ਚੋਣਾਂ 2 ਮਾਰਚ 2025 ਨੂੰ ਹੋਣਗੀਆਂ ਅਤੇ ਵੋਟਾਂ ਦੀ ਗਿਣਤੀ ਉਸੇ ਦਿਨ ਕੀਤੀ ਜਾਵੇਗੀ। ਚੋਣ ਅਮਲ ਨੂੰ ਨਿਰਪੱਖ ਅਤੇ ਸ਼ਾਂਤੀਪੂਰਵਕ ਨੇਪਰੇ ਚਾੜ੍ਹਨ ਲਈ ਪੁਖਤਾ ਸੁਰੱਖਿਆ ਪ੍ਰਬੰਧ ਕੀਤੇ ਗਏ ਹਨ।
ਬਾਬਾ ਬਾਲਕ ਨਾਥ ਮੰਦਿਰ 'ਚ ਕੀਤੀ ਮੂਰਤੀ ਸਥਾਪਨਾ
ਸਾਰੇ ਧਰਮ ਬਰਾਬਰ ਹਨ ਸਭਨਾਂ ਦਾ ਇੱਕੋ ਹੀ ਸੰਦੇਸ਼ ਪ੍ਰਮਾਤਮਾ ਇੱਕ ਹੈ : ਤਰਸੇਮ ਭਗਤ
ਮੋਗਾ 27 ਫਰਵਰੀ (ਹਰਜਿੰਦਰ ਸਿੰਘ) ਬਾਬਾ ਬਾਲਕ ਨਾਥ ਮੰਦਿਰ ਵਿਖੇ ਧਾਰਮਿਕ ਸਮਾਗਮ ਦੌਰਾਨ ਮੂਰਤੀ ਸਥਾਪਨਾ ਕੀਤੀ ਗਈ। ਇਸ ਮੌਕੇ ਤਰਸੇਮ ਭਗਤ ਨੇ ਕਿਹਾ ਕਿ ਸਾਰੇ ਧਰਮ ਬਰਾਬਰ ਹਨ ਅਤੇ ਸਭਨਾਂ ਦਾ ਇੱਕੋ ਹੀ ਸੰਦੇਸ਼ ਹੈ ਕਿ ਪ੍ਰਮਾਤਮਾ ਇੱਕ ਹੈ। ਸਮਾਗਮ ਵਿੱਚ ਵੱਡੀ ਗਿਣਤੀ ਵਿੱਚ ਸੰਗਤਾਂ ਨੇ ਹਾਜ਼ਰੀ ਭਰੀ ਅਤੇ ਭਜਨ ਕੀਰਤਨ ਦਾ ਆਨੰਦ ਮਾਣਿਆ।	ਮੋਗਾ 27 ਫਰਵਰੀ (ਹਰਜਿੰਦਰ ਸਿੰਘ) ਬਾਬਾ ਬਾਲਕ ਨਾਥ ਮੰਦਿਰ ਵਿਖੇ ਧਾਰਮਿਕ ਸਮਾਗਮ ਦੌਰਾਨ ਮੂਰਤੀ ਸਥਾਪਨਾ ਕੀਤੀ ਗਈ। ਇਸ ਮੌਕੇ ਤਰਸੇਮ ਭਗਤ ਨੇ ਕਿਹਾ ਕਿ ਸਾਰੇ ਧਰਮ ਬਰਾਬਰ ਹਨ ਅਤੇ ਸਭਨਾਂ ਦਾ ਇੱਕੋ ਹੀ ਸੰਦੇਸ਼ ਹੈ ਕਿ ਪ੍ਰਮਾਤਮਾ ਇੱਕ ਹੈ। ਸਮਾਗਮ ਵਿੱਚ ਵੱਡੀ ਗਿਣਤੀ ਵਿੱਚ ਸੰਗਤਾਂ ਨੇ ਹਾਜ਼ਰੀ ਭਰੀ ਅਤੇ ਭਜਨ ਕੀਰਤਨ ਦਾ ਆਨੰਦ ਮਾਣਿਆ।
